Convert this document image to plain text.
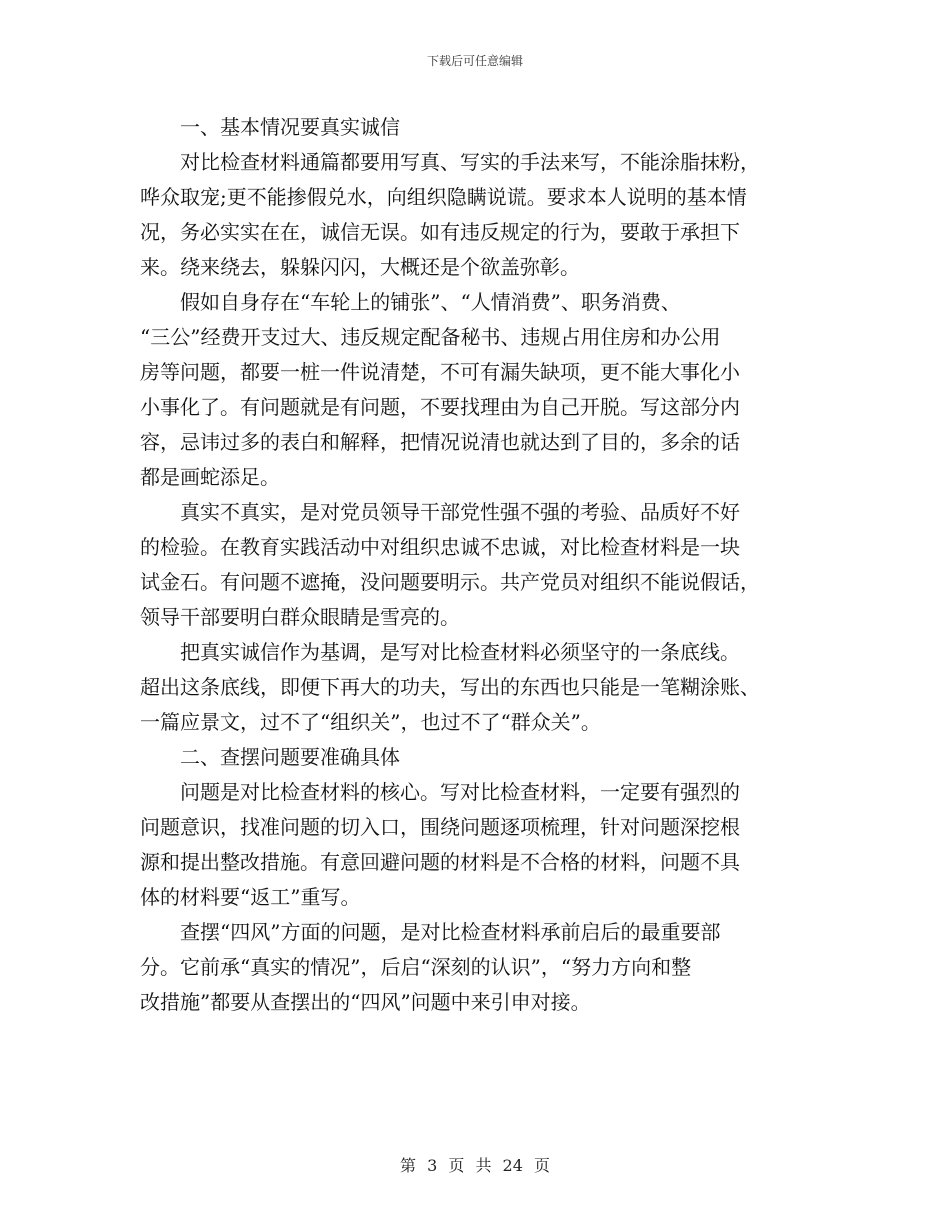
下载后可任意编辑
一、基本情况要真实诚信
对比检查材料通篇都要用写真、写实的手法来写，不能涂脂抹粉，
哗众取宠;更不能掺假兑水，向组织隐瞒说谎。要求本人说明的基本情
况，务必实实在在，诚信无误。如有违反规定的行为，要敢于承担下
来。绕来绕去，躲躲闪闪，大概还是个欲盖弥彰。
假如自身存在“车轮上的铺张”、“人情消费”、职务消费、
“三公”经费开支过大、违反规定配备秘书、违规占用住房和办公用
房等问题，都要一桩一件说清楚，不可有漏失缺项，更不能大事化小
小事化了。有问题就是有问题，不要找理由为自己开脱。写这部分内
容，忌讳过多的表白和解释，把情况说清也就达到了目的，多余的话
都是画蛇添足。
真实不真实，是对党员领导干部党性强不强的考验、品质好不好
的检验。在教育实践活动中对组织忠诚不忠诚，对比检查材料是一块
试金石。有问题不遮掩，没问题要明示。共产党员对组织不能说假话，
领导干部要明白群众眼睛是雪亮的。
把真实诚信作为基调，是写对比检查材料必须坚守的一条底线。
超出这条底线，即便下再大的功夫，写出的东西也只能是一笔糊涂账、
一篇应景文，过不了“组织关”，也过不了“群众关”。
二、查摆问题要准确具体
问题是对比检查材料的核心。写对比检查材料，一定要有强烈的
问题意识，找准问题的切入口，围绕问题逐项梳理，针对问题深挖根
源和提出整改措施。有意回避问题的材料是不合格的材料，问题不具
体的材料要“返工”重写。
查摆“四风”方面的问题，是对比检查材料承前启后的最重要部
分。它前承“真实的情况”，后启“深刻的认识”，“努力方向和整
改措施”都要从查摆出的“四风”问题中来引申对接。
第 3 页 共 24 页
